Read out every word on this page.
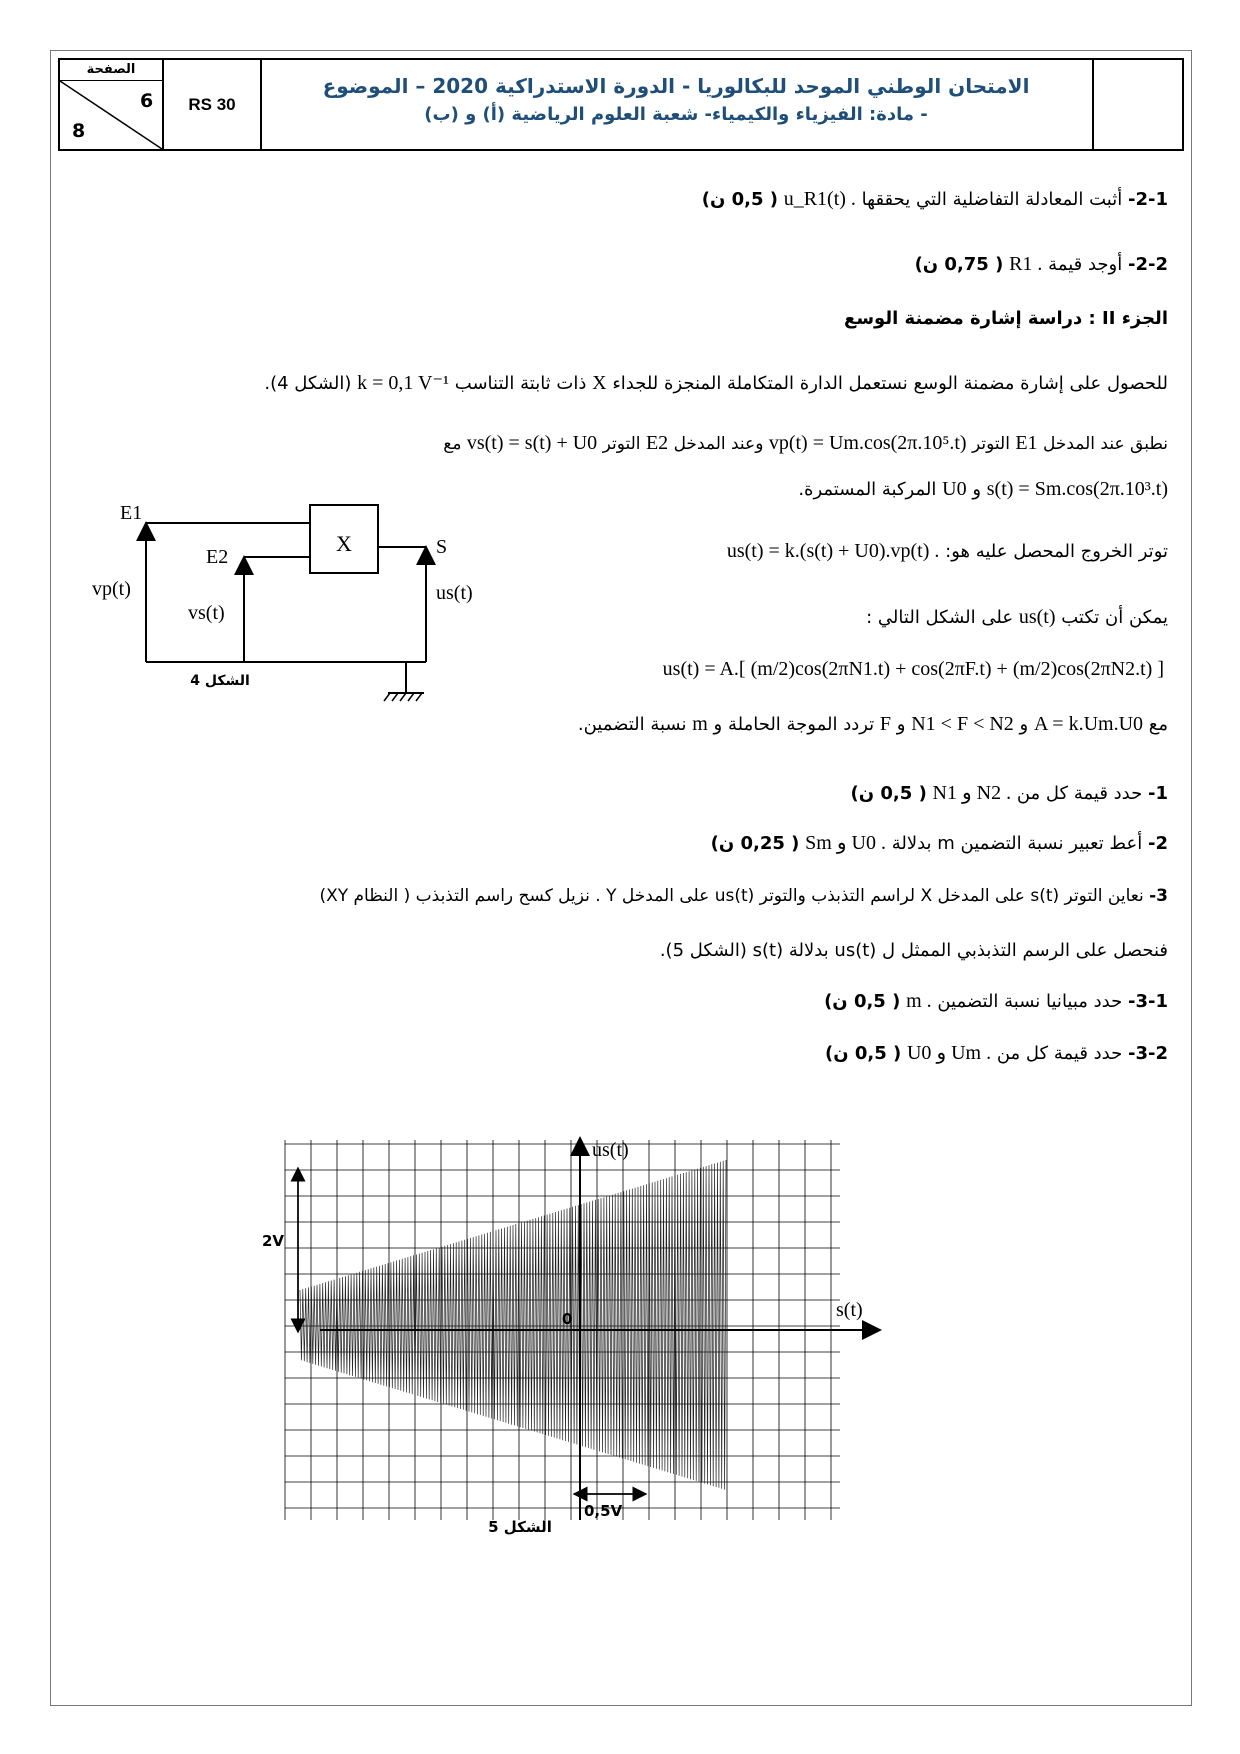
الصفحة
6
8
RS 30
الامتحان الوطني الموحد للبكالوريا - الدورة الاستدراكية 2020 – الموضوع
- مادة: الفيزياء والكيمياء- شعبة العلوم الرياضية (أ) و (ب)
2-1- أثبت المعادلة التفاضلية التي يحققها u_R1(t) . ( 0,5 ن)
2-2- أوجد قيمة R1 . ( 0,75 ن)
الجزء II : دراسة إشارة مضمنة الوسع
للحصول على إشارة مضمنة الوسع نستعمل الدارة المتكاملة المنجزة للجداء X ذات ثابتة التناسب k = 0,1 V⁻¹ (الشكل 4).
نطبق عند المدخل E1 التوتر vp(t) = Um.cos(2π.10⁵.t) وعند المدخل E2 التوتر vs(t) = s(t) + U0 مع
s(t) = Sm.cos(2π.10³.t) و U0 المركبة المستمرة.
توتر الخروج المحصل عليه هو: us(t) = k.(s(t) + U0).vp(t) .
يمكن أن تكتب us(t) على الشكل التالي :
us(t) = A.[ (m/2)cos(2πN1.t) + cos(2πF.t) + (m/2)cos(2πN2.t) ]
مع A = k.Um.U0 و N1 < F < N2 و F تردد الموجة الحاملة و m نسبة التضمين.
1- حدد قيمة كل من N1 و N2 . ( 0,5 ن)
2- أعط تعبير نسبة التضمين m بدلالة Sm و U0 . ( 0,25 ن)
3- نعاين التوتر s(t) على المدخل X لراسم التذبذب والتوتر us(t) على المدخل Y . نزيل كسح راسم التذبذب ( النظام XY)
فنحصل على الرسم التذبذبي الممثل ل us(t) بدلالة s(t) (الشكل 5).
3-1- حدد مبيانيا نسبة التضمين m . ( 0,5 ن)
3-2- حدد قيمة كل من U0 و Um . ( 0,5 ن)
X
E1
E2	S
vp(t)
vs(t)
us(t)
الشكل 4
us(t)
s(t)
0
2V
0,5V
الشكل 5
